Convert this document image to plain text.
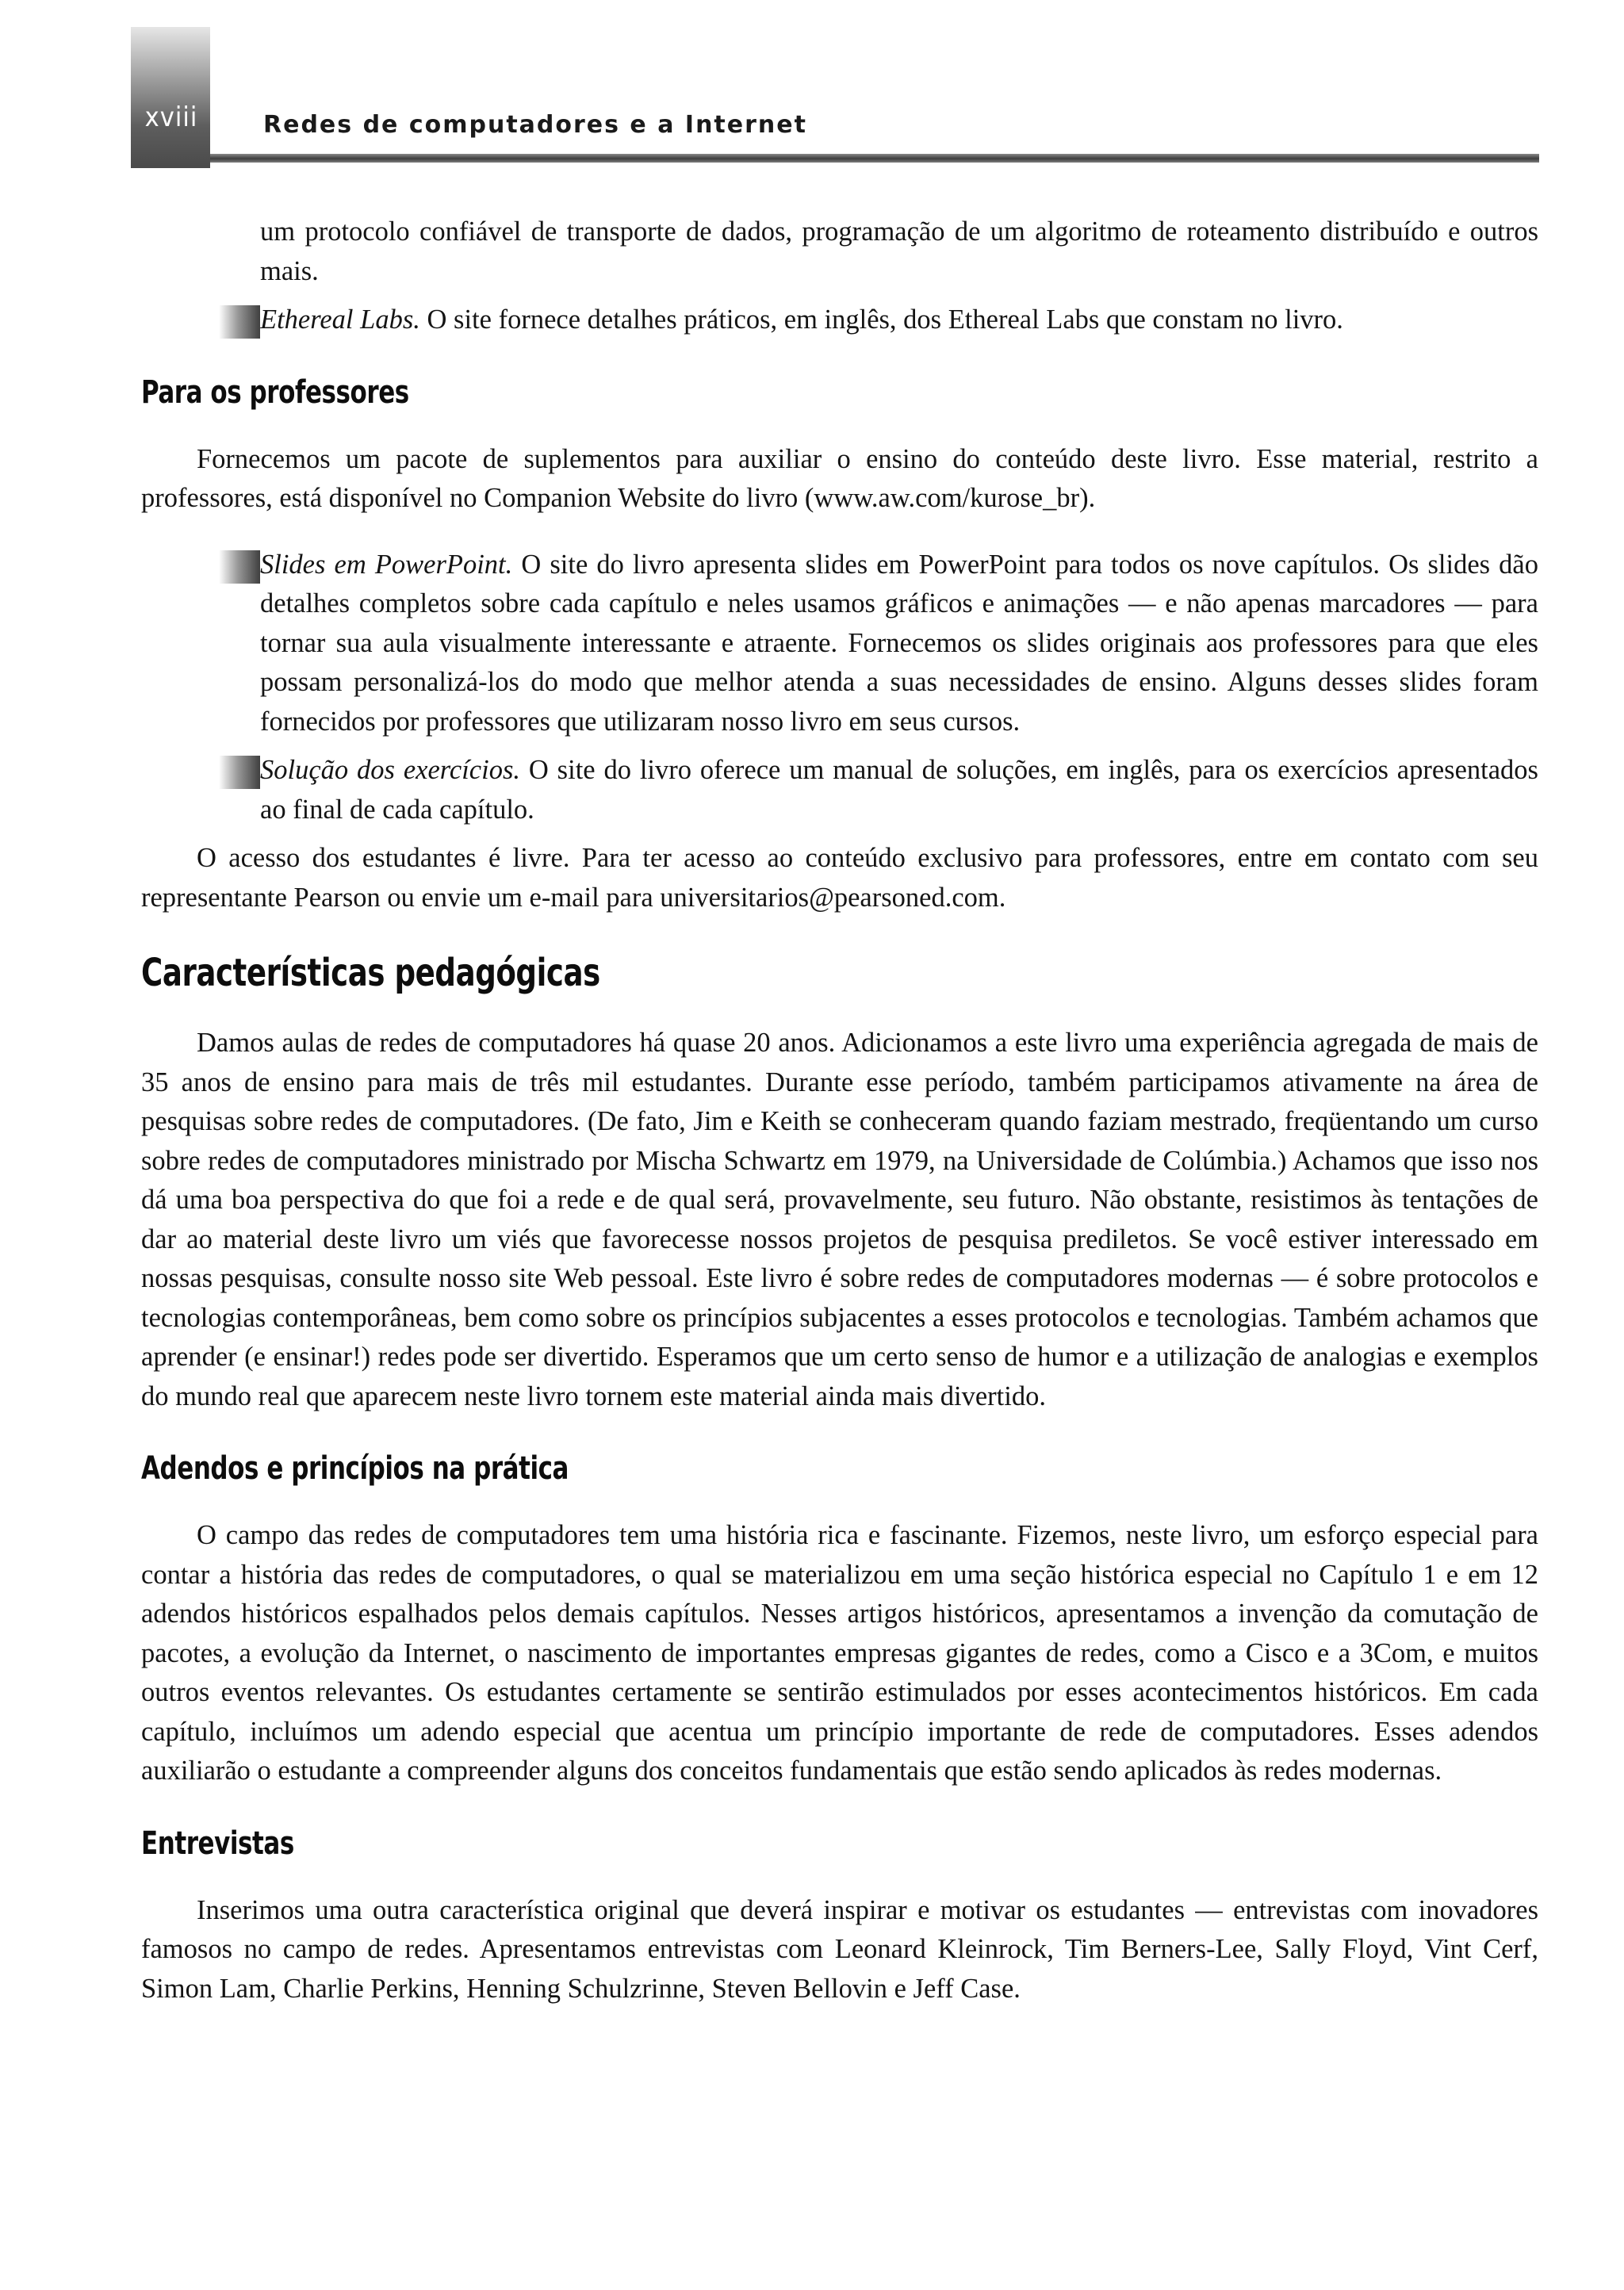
xviii	Redes de computadores e a Internet

um protocolo confiável de transporte de dados, programação de um algoritmo de roteamento distribuído e outros mais.

Ethereal Labs. O site fornece detalhes práticos, em inglês, dos Ethereal Labs que constam no livro.

Para os professores

Fornecemos um pacote de suplementos para auxiliar o ensino do conteúdo deste livro. Esse material, restrito a professores, está disponível no Companion Website do livro (www.aw.com/kurose_br).

Slides em PowerPoint. O site do livro apresenta slides em PowerPoint para todos os nove capítulos. Os slides dão detalhes completos sobre cada capítulo e neles usamos gráficos e animações — e não apenas marcadores — para tornar sua aula visualmente interessante e atraente. Fornecemos os slides originais aos professores para que eles possam personalizá-los do modo que melhor atenda a suas necessidades de ensino. Alguns desses slides foram fornecidos por professores que utilizaram nosso livro em seus cursos.

Solução dos exercícios. O site do livro oferece um manual de soluções, em inglês, para os exercícios apresentados ao final de cada capítulo.

O acesso dos estudantes é livre. Para ter acesso ao conteúdo exclusivo para professores, entre em contato com seu representante Pearson ou envie um e-mail para universitarios@pearsoned.com.

Características pedagógicas

Damos aulas de redes de computadores há quase 20 anos. Adicionamos a este livro uma experiência agregada de mais de 35 anos de ensino para mais de três mil estudantes. Durante esse período, também participamos ativamente na área de pesquisas sobre redes de computadores. (De fato, Jim e Keith se conheceram quando faziam mestrado, freqüentando um curso sobre redes de computadores ministrado por Mischa Schwartz em 1979, na Universidade de Colúmbia.) Achamos que isso nos dá uma boa perspectiva do que foi a rede e de qual será, provavelmente, seu futuro. Não obstante, resistimos às tentações de dar ao material deste livro um viés que favorecesse nossos projetos de pesquisa prediletos. Se você estiver interessado em nossas pesquisas, consulte nosso site Web pessoal. Este livro é sobre redes de computadores modernas — é sobre protocolos e tecnologias contemporâneas, bem como sobre os princípios subjacentes a esses protocolos e tecnologias. Também achamos que aprender (e ensinar!) redes pode ser divertido. Esperamos que um certo senso de humor e a utilização de analogias e exemplos do mundo real que aparecem neste livro tornem este material ainda mais divertido.

Adendos e princípios na prática

O campo das redes de computadores tem uma história rica e fascinante. Fizemos, neste livro, um esforço especial para contar a história das redes de computadores, o qual se materializou em uma seção histórica especial no Capítulo 1 e em 12 adendos históricos espalhados pelos demais capítulos. Nesses artigos históricos, apresentamos a invenção da comutação de pacotes, a evolução da Internet, o nascimento de importantes empresas gigantes de redes, como a Cisco e a 3Com, e muitos outros eventos relevantes. Os estudantes certamente se sentirão estimulados por esses acontecimentos históricos. Em cada capítulo, incluímos um adendo especial que acentua um princípio importante de rede de computadores. Esses adendos auxiliarão o estudante a compreender alguns dos conceitos fundamentais que estão sendo aplicados às redes modernas.

Entrevistas

Inserimos uma outra característica original que deverá inspirar e motivar os estudantes — entrevistas com inovadores famosos no campo de redes. Apresentamos entrevistas com Leonard Kleinrock, Tim Berners-Lee, Sally Floyd, Vint Cerf, Simon Lam, Charlie Perkins, Henning Schulzrinne, Steven Bellovin e Jeff Case.
